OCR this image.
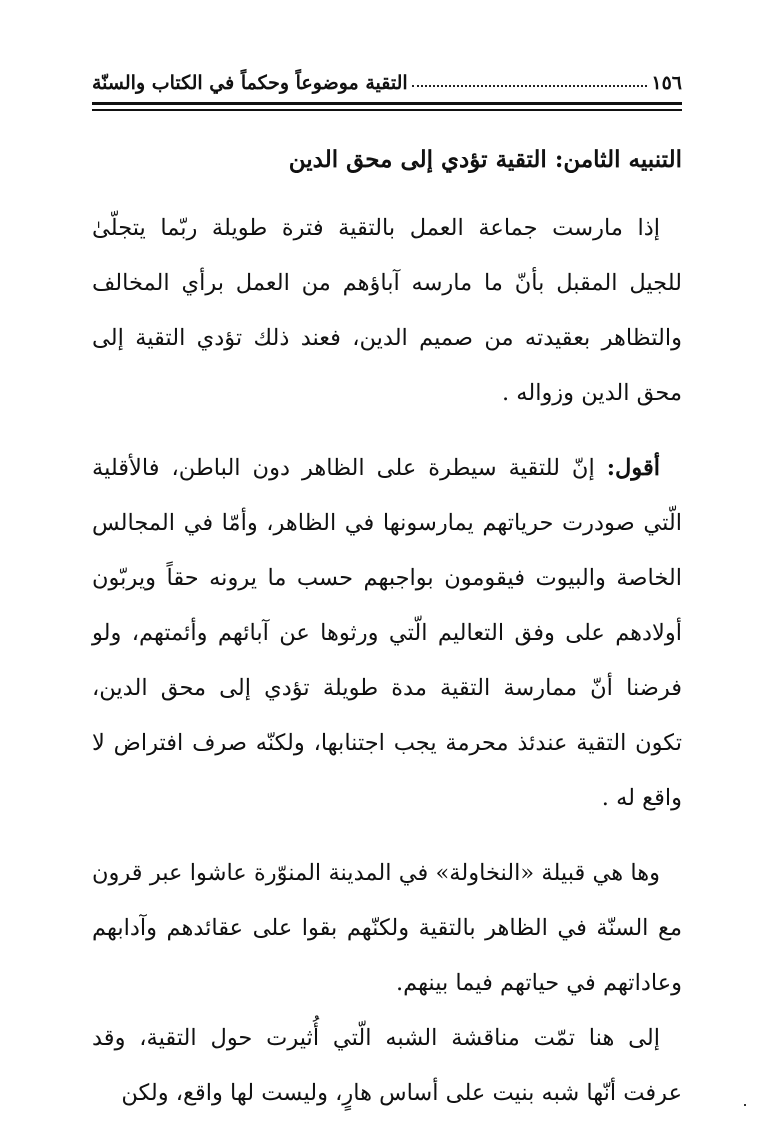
١٥٦
التقية موضوعاً وحكماً في الكتاب والسنّة
التنبيه الثامن: التقية تؤدي إلى محق الدين

إذا مارست جماعة العمل بالتقية فترة طويلة ربّما يتجلّىٰ للجيل المقبل بأنّ ما مارسه آباؤهم من العمل برأي المخالف والتظاهر بعقيدته من صميم الدين، فعند ذلك تؤدي التقية إلى محق الدين وزواله .

أقول: إنّ للتقية سيطرة على الظاهر دون الباطن، فالأقلية الّتي صودرت حرياتهم يمارسونها في الظاهر، وأمّا في المجالس الخاصة والبيوت فيقومون بواجبهم حسب ما يرونه حقاً ويربّون أولادهم على وفق التعاليم الّتي ورثوها عن آبائهم وأئمتهم، ولو فرضنا أنّ ممارسة التقية مدة طويلة تؤدي إلى محق الدين، تكون التقية عندئذ محرمة يجب اجتنابها، ولكنّه صرف افتراض لا واقع له .

وها هي قبيلة «النخاولة» في المدينة المنوّرة عاشوا عبر قرون مع السنّة في الظاهر بالتقية ولكنّهم بقوا على عقائدهم وآدابهم وعاداتهم في حياتهم فيما بينهم.

إلى هنا تمّت مناقشة الشبه الّتي أُثيرت حول التقية، وقد عرفت أنّها شبه بنيت على أساس هارٍ، وليست لها واقع، ولكن
